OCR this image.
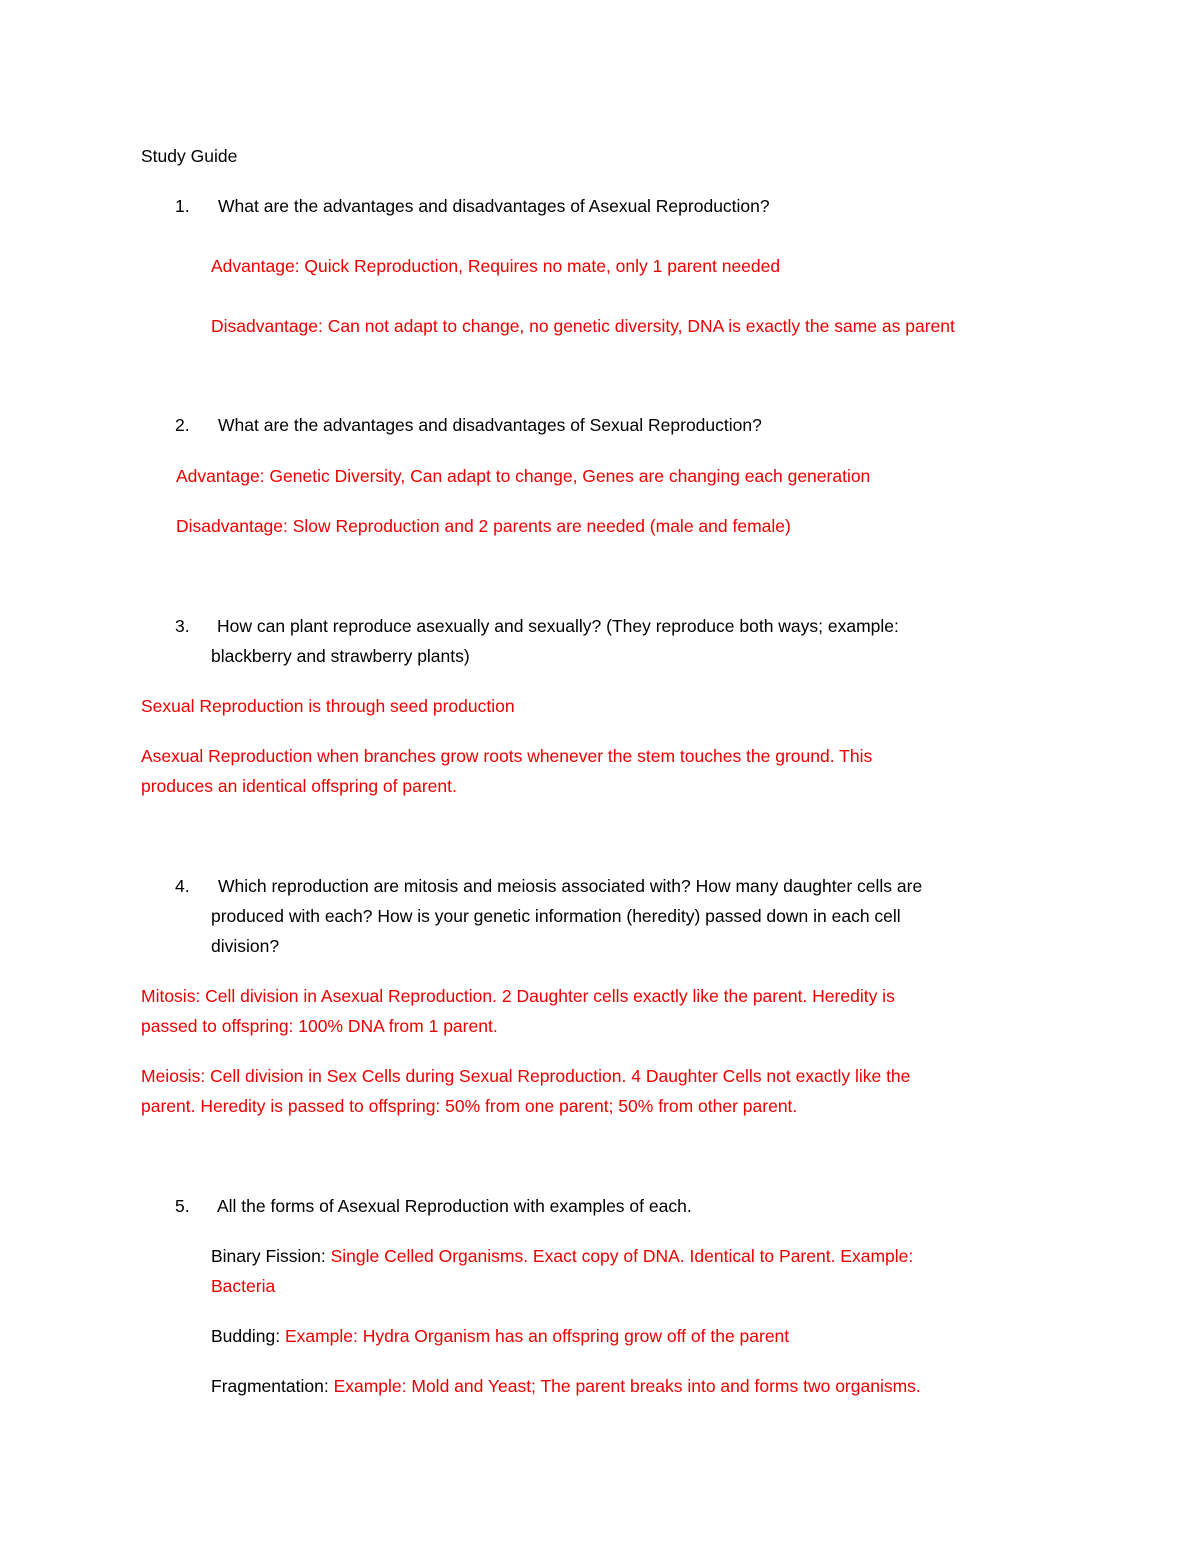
Study Guide
1. What are the advantages and disadvantages of Asexual Reproduction?
Advantage: Quick Reproduction, Requires no mate, only 1 parent needed
Disadvantage: Can not adapt to change, no genetic diversity, DNA is exactly the same as parent
2. What are the advantages and disadvantages of Sexual Reproduction?
Advantage: Genetic Diversity, Can adapt to change, Genes are changing each generation
Disadvantage: Slow Reproduction and 2 parents are needed (male and female)
3. How can plant reproduce asexually and sexually? (They reproduce both ways; example:
blackberry and strawberry plants)
Sexual Reproduction is through seed production
Asexual Reproduction when branches grow roots whenever the stem touches the ground. This
produces an identical offspring of parent.
4. Which reproduction are mitosis and meiosis associated with? How many daughter cells are
produced with each? How is your genetic information (heredity) passed down in each cell
division?
Mitosis: Cell division in Asexual Reproduction. 2 Daughter cells exactly like the parent. Heredity is
passed to offspring: 100% DNA from 1 parent.
Meiosis: Cell division in Sex Cells during Sexual Reproduction. 4 Daughter Cells not exactly like the
parent. Heredity is passed to offspring: 50% from one parent; 50% from other parent.
5. All the forms of Asexual Reproduction with examples of each.
Binary Fission: Single Celled Organisms. Exact copy of DNA. Identical to Parent. Example:
Bacteria
Budding: Example: Hydra Organism has an offspring grow off of the parent
Fragmentation: Example: Mold and Yeast; The parent breaks into and forms two organisms.
